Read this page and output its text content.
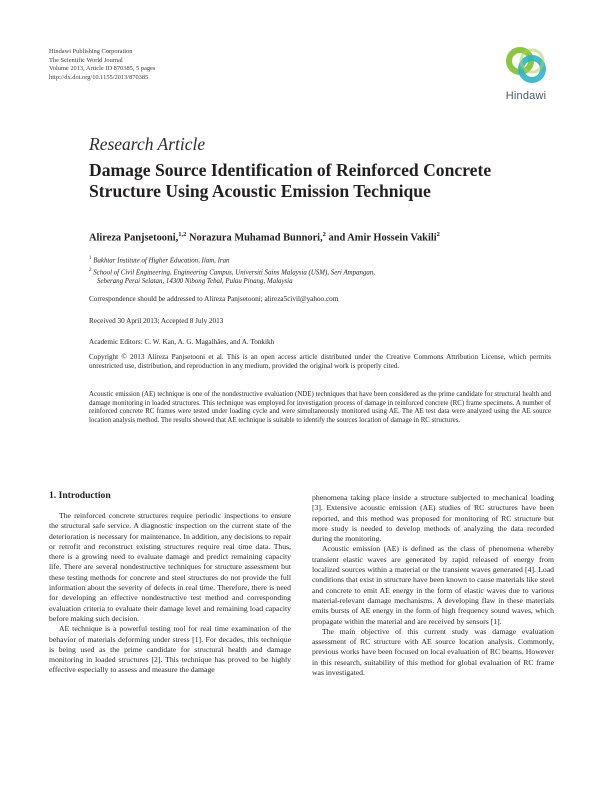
Hindawi Publishing Corporation
The Scientific World Journal
Volume 2013, Article ID 870385, 5 pages
http://dx.doi.org/10.1155/2013/870385
Hindawi
Research Article
Damage Source Identification of Reinforced Concrete Structure Using Acoustic Emission Technique
Alireza Panjsetooni,$^{1,2}$ Norazura Muhamad Bunnori,$^2$ and Amir Hossein Vakili$^2$
$^1$ Bakhtar Institute of Higher Education, Ilam, Iran
$^2$ School of Civil Engineering, Engineering Campus, Universiti Sains Malaysia (USM), Seri Ampangan,
Seberang Perai Selatan, 14300 Nibong Tebal, Pulau Pinang, Malaysia
Correspondence should be addressed to Alireza Panjsetooni; alireza5civil@yahoo.com
Received 30 April 2013; Accepted 8 July 2013
Academic Editors: C. W. Kan, A. G. Magalhães, and A. Tonkikh
Copyright © 2013 Alireza Panjsetooni et al. This is an open access article distributed under the Creative Commons Attribution License, which permits unrestricted use, distribution, and reproduction in any medium, provided the original work is properly cited.
Acoustic emission (AE) technique is one of the nondestructive evaluation (NDE) techniques that have been considered as the prime candidate for structural health and damage monitoring in loaded structures. This technique was employed for investigation process of damage in reinforced concrete (RC) frame specimens. A number of reinforced concrete RC frames were tested under loading cycle and were simultaneously monitored using AE. The AE test data were analyzed using the AE source location analysis method. The results showed that AE technique is suitable to identify the sources location of damage in RC structures.
1. Introduction

The reinforced concrete structures require periodic inspections to ensure the structural safe service. A diagnostic inspection on the current state of the deterioration is necessary for maintenance. In addition, any decisions to repair or retrofit and reconstruct existing structures require real time data. Thus, there is a growing need to evaluate damage and predict remaining capacity life. There are several nondestructive techniques for structure assessment but these testing methods for concrete and steel structures do not provide the full information about the severity of defects in real time. Therefore, there is need for developing an effective nondestructive test method and corresponding evaluation criteria to evaluate their damage level and remaining load capacity before making such decision.

AE technique is a powerful testing tool for real time examination of the behavior of materials deforming under stress [1]. For decades, this technique is being used as the prime candidate for structural health and damage monitoring in loaded structures [2]. This technique has proved to be highly effective especially to assess and measure the damage

phenomena taking place inside a structure subjected to mechanical loading [3]. Extensive acoustic emission (AE) studies of RC structures have been reported, and this method was proposed for monitoring of RC structure but more study is needed to develop methods of analyzing the data recorded during the monitoring.

Acoustic emission (AE) is defined as the class of phenomena whereby transient elastic waves are generated by rapid released of energy from localized sources within a material or the transient waves generated [4]. Load conditions that exist in structure have been known to cause materials like steel and concrete to emit AE energy in the form of elastic waves due to various material-relevant damage mechanisms. A developing flaw in these materials emits bursts of AE energy in the form of high frequency sound waves, which propagate within the material and are received by sensors [1].

The main objective of this current study was damage evaluation assessment of RC structure with AE source location analysis. Commonly, previous works have been focused on local evaluation of RC beams. However in this research, suitability of this method for global evaluation of RC frame was investigated.
